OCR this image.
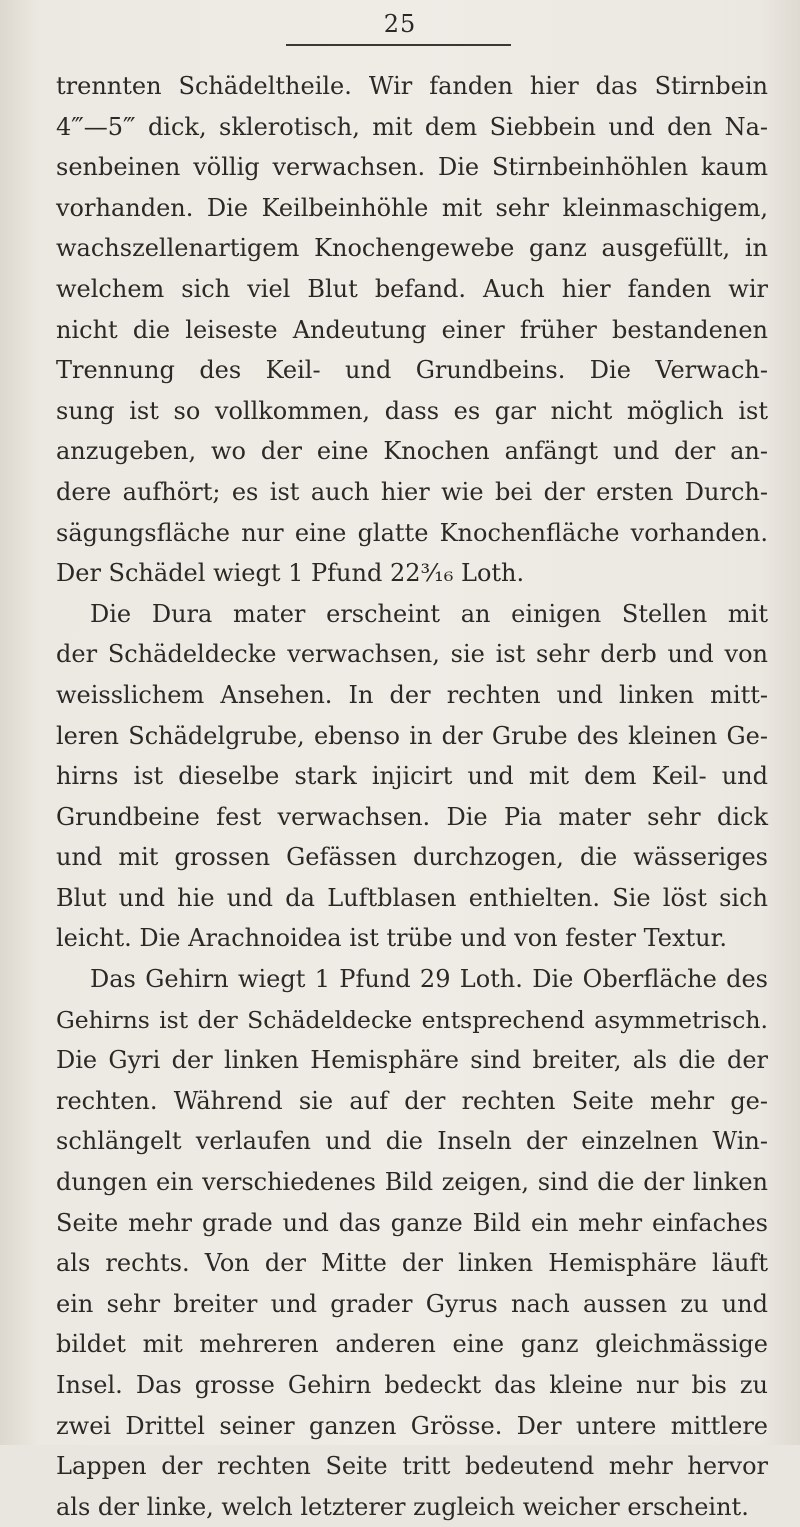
25
trennten Schädeltheile. Wir fanden hier das Stirnbein
4‴—5‴ dick, sklerotisch, mit dem Siebbein und den Na-
senbeinen völlig verwachsen. Die Stirnbeinhöhlen kaum
vorhanden. Die Keilbeinhöhle mit sehr kleinmaschigem,
wachszellenartigem Knochengewebe ganz ausgefüllt, in
welchem sich viel Blut befand. Auch hier fanden wir
nicht die leiseste Andeutung einer früher bestandenen
Trennung des Keil- und Grundbeins. Die Verwach-
sung ist so vollkommen, dass es gar nicht möglich ist
anzugeben, wo der eine Knochen anfängt und der an-
dere aufhört; es ist auch hier wie bei der ersten Durch-
sägungsfläche nur eine glatte Knochenfläche vorhanden.
Der Schädel wiegt 1 Pfund 22³⁄₁₆ Loth.
Die Dura mater erscheint an einigen Stellen mit
der Schädeldecke verwachsen, sie ist sehr derb und von
weisslichem Ansehen. In der rechten und linken mitt-
leren Schädelgrube, ebenso in der Grube des kleinen Ge-
hirns ist dieselbe stark injicirt und mit dem Keil- und
Grundbeine fest verwachsen. Die Pia mater sehr dick
und mit grossen Gefässen durchzogen, die wässeriges
Blut und hie und da Luftblasen enthielten. Sie löst sich
leicht. Die Arachnoidea ist trübe und von fester Textur.
Das Gehirn wiegt 1 Pfund 29 Loth. Die Oberfläche des
Gehirns ist der Schädeldecke entsprechend asymmetrisch.
Die Gyri der linken Hemisphäre sind breiter, als die der
rechten. Während sie auf der rechten Seite mehr ge-
schlängelt verlaufen und die Inseln der einzelnen Win-
dungen ein verschiedenes Bild zeigen, sind die der linken
Seite mehr grade und das ganze Bild ein mehr einfaches
als rechts. Von der Mitte der linken Hemisphäre läuft
ein sehr breiter und grader Gyrus nach aussen zu und
bildet mit mehreren anderen eine ganz gleichmässige
Insel. Das grosse Gehirn bedeckt das kleine nur bis zu
zwei Drittel seiner ganzen Grösse. Der untere mittlere
Lappen der rechten Seite tritt bedeutend mehr hervor
als der linke, welch letzterer zugleich weicher erscheint.
